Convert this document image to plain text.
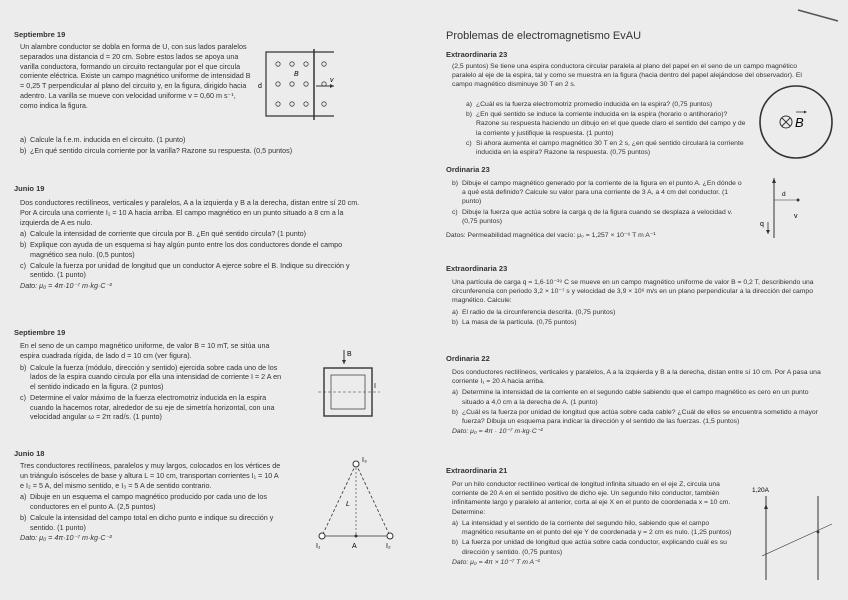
Septiembre 19

Un alambre conductor se dobla en forma de U, con sus lados paralelos separados una distancia d = 20 cm. Sobre estos lados se apoya una varilla conductora, formando un circuito rectangular por el que circula corriente eléctrica. Existe un campo magnético uniforme de intensidad B = 0,25 T perpendicular al plano del circuito y, en la figura, dirigido hacia adentro. La varilla se mueve con velocidad uniforme v = 0,60 m s⁻¹, como indica la figura.

a) Calcule la f.e.m. inducida en el circuito. (1 punto)
b) ¿En qué sentido circula corriente por la varilla? Razone su respuesta. (0,5 puntos)
d
B
v
Junio 19

Dos conductores rectilíneos, verticales y paralelos, A a la izquierda y B a la derecha, distan entre sí 20 cm. Por A circula una corriente I₁ = 10 A hacia arriba. El campo magnético en un punto situado a 8 cm a la izquierda de A es nulo.

a) Calcule la intensidad de corriente que circula por B. ¿En qué sentido circula? (1 punto)
b) Explique con ayuda de un esquema si hay algún punto entre los dos conductores donde el campo magnético sea nulo. (0,5 puntos)
c) Calcule la fuerza por unidad de longitud que un conductor A ejerce sobre el B. Indique su dirección y sentido. (1 punto)

Dato: μ₀ = 4π·10⁻⁷ m·kg·C⁻²

Septiembre 19

En el seno de un campo magnético uniforme, de valor B = 10 mT, se sitúa una espira cuadrada rígida, de lado d = 10 cm (ver figura).

b) Calcule la fuerza (módulo, dirección y sentido) ejercida sobre cada uno de los lados de la espira cuando circula por ella una intensidad de corriente I = 2 A en el sentido indicado en la figura. (2 puntos)
c) Determine el valor máximo de la fuerza electromotriz inducida en la espira cuando la hacemos rotar, alrededor de su eje de simetría horizontal, con una velocidad angular ω = 2π rad/s. (1 punto)
B
I
Junio 18

Tres conductores rectilíneos, paralelos y muy largos, colocados en los vértices de un triángulo isósceles de base y altura L = 10 cm, transportan corrientes I₁ = 10 A e I₂ = 5 A, del mismo sentido, e I₃ = 5 A de sentido contrario.

a) Dibuje en un esquema el campo magnético producido por cada uno de los conductores en el punto A. (2,5 puntos)
b) Calcule la intensidad del campo total en dicho punto e indique su dirección y sentido. (1 punto)

Dato: μ₀ = 4π·10⁻⁷ m·kg·C⁻²

I₃
I₁	I₂
A
L
Problemas de electromagnetismo EvAU
Extraordinaria 23

(2,5 puntos) Se tiene una espira conductora circular paralela al plano del papel en el seno de un campo magnético paralelo al eje de la espira, tal y como se muestra en la figura (hacia dentro del papel alejándose del observador). El campo magnético disminuye 30 T en 2 s.

a) ¿Cuál es la fuerza electromotriz promedio inducida en la espira? (0,75 puntos)
b) ¿En qué sentido se induce la corriente inducida en la espira (horario o antihorario)? Razone su respuesta haciendo un dibujo en el que quede claro el sentido del campo y de la corriente y justifique la respuesta. (1 punto)
c) Si ahora aumenta el campo magnético 30 T en 2 s, ¿en qué sentido circulará la corriente inducida en la espira? Razone la respuesta. (0,75 puntos)
B
Ordinaria 23
b) Dibuje el campo magnético generado por la corriente de la figura en el punto A. ¿En dónde o a qué está definido? Calcule su valor para una corriente de 3 A, a 4 cm del conductor. (1 punto)
c) Dibuje la fuerza que actúa sobre la carga q de la figura cuando se desplaza a velocidad v. (0,75 puntos)
Datos: Permeabilidad magnética del vacío: μ₀ = 1,257 × 10⁻⁶ T m A⁻¹
d
q
v
Extraordinaria 23

Una partícula de carga q = 1,6·10⁻¹⁹ C se mueve en un campo magnético uniforme de valor B = 0,2 T, describiendo una circunferencia con periodo 3,2 × 10⁻⁷ s y velocidad de 3,9 × 10⁶ m/s en un plano perpendicular a la dirección del campo magnético. Calcule:

a) El radio de la circunferencia descrita. (0,75 puntos)
b) La masa de la partícula. (0,75 puntos)
Ordinaria 22

Dos conductores rectilíneos, verticales y paralelos, A a la izquierda y B a la derecha, distan entre sí 10 cm. Por A pasa una corriente I₁ = 20 A hacia arriba.

a) Determine la intensidad de la corriente en el segundo cable sabiendo que el campo magnético es cero en un punto situado a 4,0 cm a la derecha de A. (1 punto)
b) ¿Cuál es la fuerza por unidad de longitud que actúa sobre cada cable? ¿Cuál de ellos se encuentra sometido a mayor fuerza? Dibuja un esquema para indicar la dirección y el sentido de las fuerzas. (1,5 puntos)

Dato: μ₀ = 4π · 10⁻⁷ m·kg·C⁻²

Extraordinaria 21

Por un hilo conductor rectilíneo vertical de longitud infinita situado en el eje Z, circula una corriente de 20 A en el sentido positivo de dicho eje. Un segundo hilo conductor, también infinitamente largo y paralelo al anterior, corta al eje X en el punto de coordenada x = 10 cm. Determine:

a) La intensidad y el sentido de la corriente del segundo hilo, sabiendo que el campo magnético resultante en el punto del eje Y de coordenada y = 2 cm es nulo. (1,25 puntos)
b) La fuerza por unidad de longitud que actúa sobre cada conductor, explicando cuál es su dirección y sentido. (0,75 puntos)

Dato: μ₀ = 4π × 10⁻⁷ T m A⁻¹

1,20A
